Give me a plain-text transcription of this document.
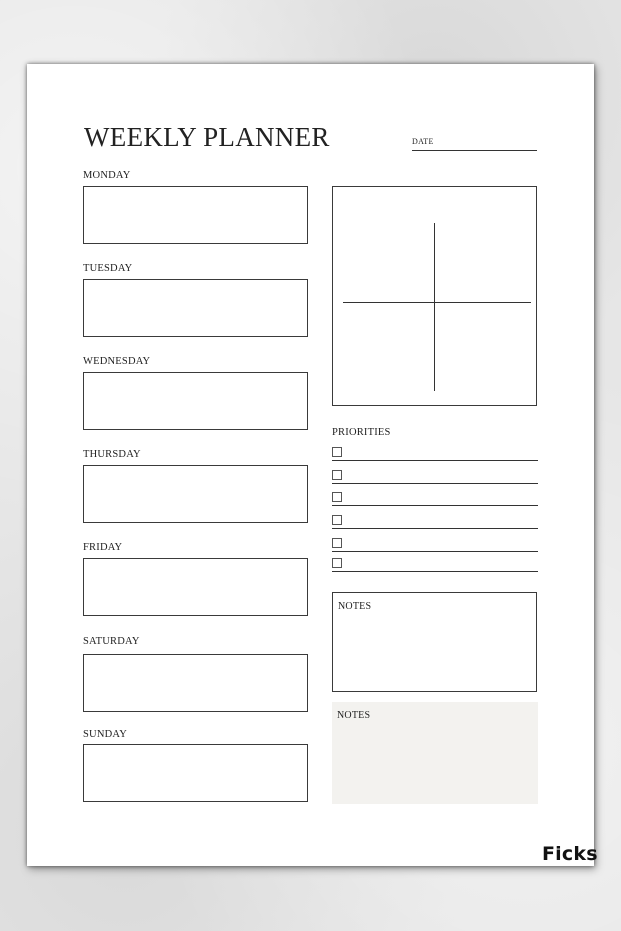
WEEKLY PLANNER	DATE
MONDAY
TUESDAY
WEDNESDAY
THURSDAY
FRIDAY
SATURDAY
SUNDAY
PRIORITIES
NOTES
NOTES
Ficks
